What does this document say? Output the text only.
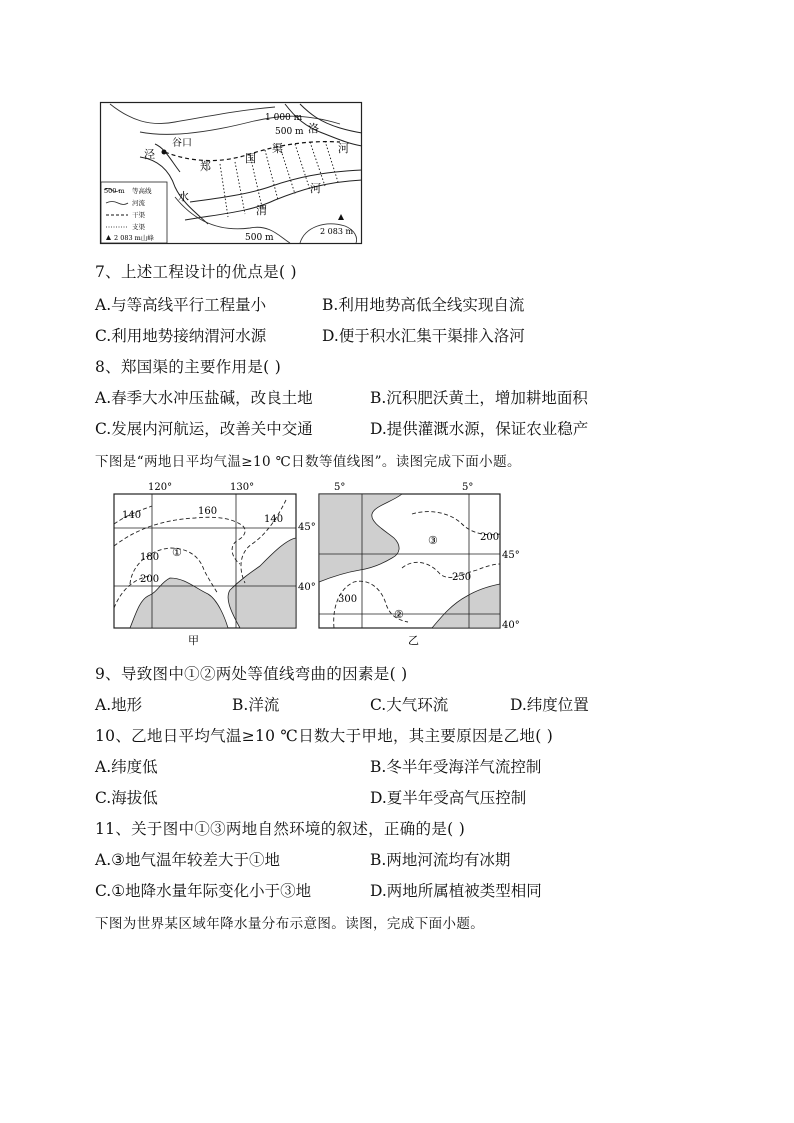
1 000 m
500 m
谷口
泾
水
郑
国
渠
洛
河
河
渭
500 m
2 083 m
500 m 等高线
河流
干渠
支渠
2 083 m山峰
7、上述工程设计的优点是( )
A.与等高线平行工程量小	B.利用地势高低全线实现自流
C.利用地势接纳渭河水源	D.便于积水汇集干渠排入洛河
8、郑国渠的主要作用是( )
A.春季大水冲压盐碱，改良土地	B.沉积肥沃黄土，增加耕地面积
C.发展内河航运，改善关中交通	D.提供灌溉水源，保证农业稳产
下图是“两地日平均气温≥10 ℃日数等值线图”。读图完成下面小题。
120°	130°
45°
40°
140	160
140
180 ①
200
甲
5°	5°
45°
40°
200
250
300
③
②
乙
9、导致图中①②两处等值线弯曲的因素是( )
A.地形	B.洋流	C.大气环流	D.纬度位置
10、乙地日平均气温≥10 ℃日数大于甲地，其主要原因是乙地( )
A.纬度低	B.冬半年受海洋气流控制
C.海拔低	D.夏半年受高气压控制
11、关于图中①③两地自然环境的叙述，正确的是( )
A.③地气温年较差大于①地	B.两地河流均有冰期
C.①地降水量年际变化小于③地	D.两地所属植被类型相同
下图为世界某区域年降水量分布示意图。读图，完成下面小题。
